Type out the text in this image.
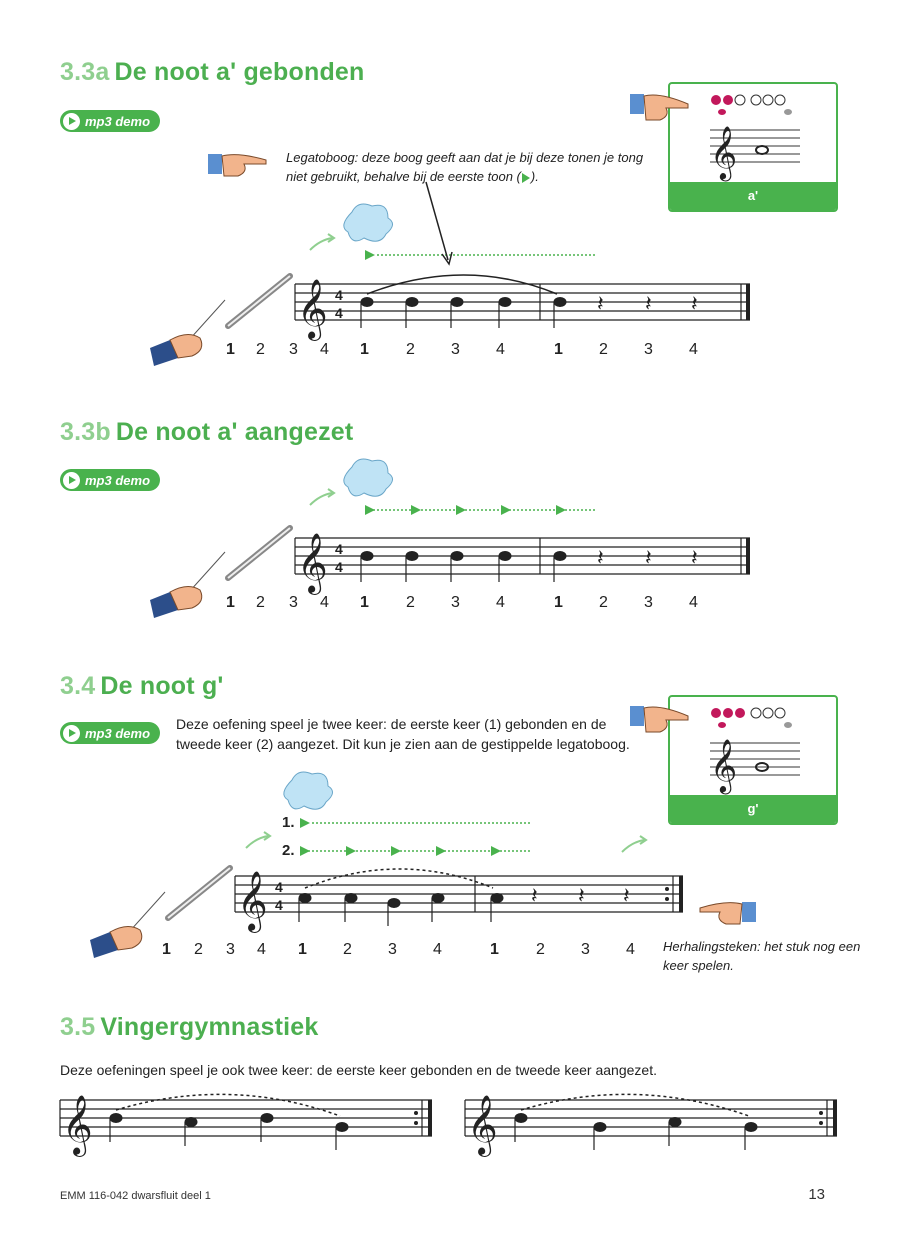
3.3a De noot a' gebonden
mp3 demo
Legatoboog: deze boog geeft aan dat je bij deze tonen je tong niet gebruikt, behalve bij de eerste toon ( ).	𝄞
a'
𝄞 4
4	𝄽 𝄽 𝄽
1 2 3 4 1 2 3 4	1 2 3 4
3.3b De noot a' aangezet
mp3 demo
𝄞 4
4	𝄽 𝄽 𝄽
1 2 3 4 1 2 3 4	1 2 3 4
3.4 De noot g'
mp3 demo
Deze oefening speel je twee keer: de eerste keer (1) gebonden en de tweede keer (2) aangezet. Dit kun je zien aan de gestippelde legatoboog. 𝄞
g'
1.
2.
𝄞 4
4	𝄽 𝄽 𝄽
1 2 3 4 1 2 3 4	1 2 3 4 Herhalingsteken: het stuk nog een keer spelen.
3.5 Vingergymnastiek
Deze oefeningen speel je ook twee keer: de eerste keer gebonden en de tweede keer aangezet.
𝄞	𝄞
EMM 116-042 dwarsfluit deel 1	13
